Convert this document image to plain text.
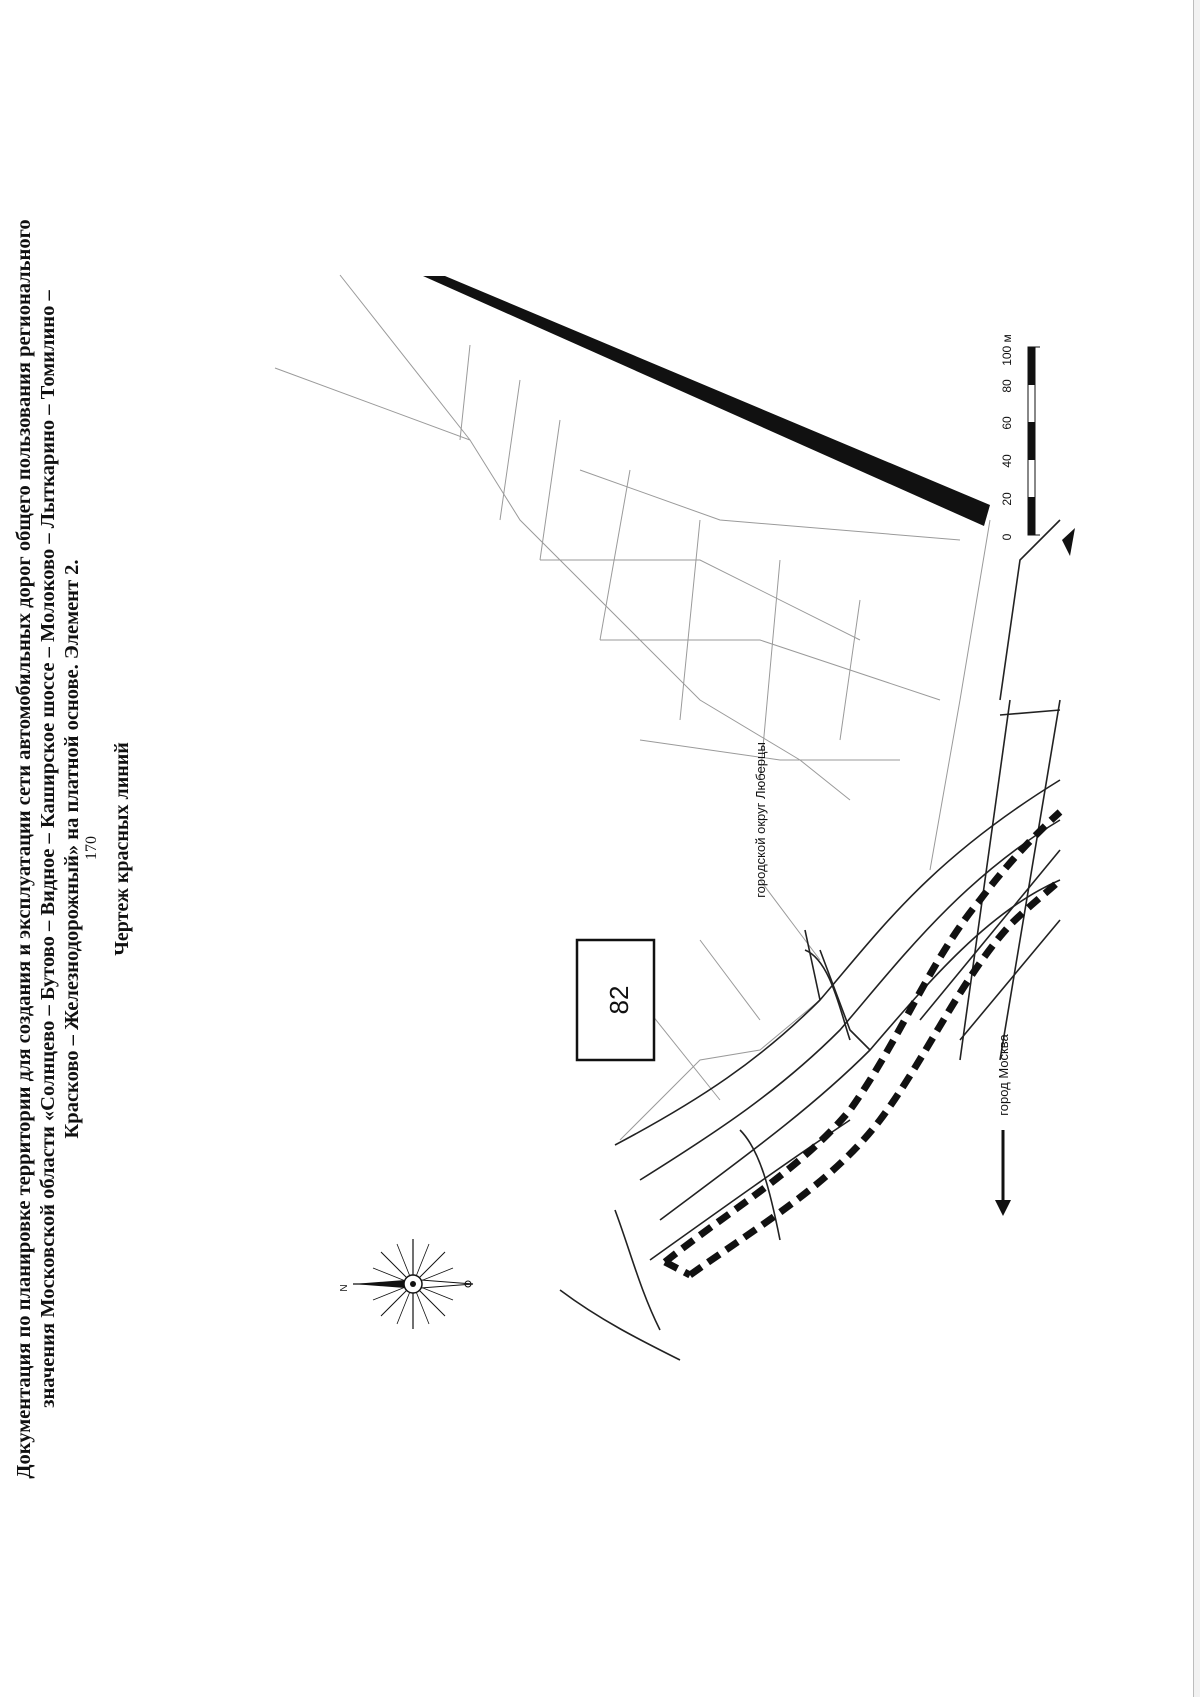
170
Документация по планировке территории для создания и эксплуатации сети автомобильных дорог общего пользования регионального значения Московской области «Солнцево – Бутово – Видное – Каширское шоссе – Молоково – Лыткарино – Томилино – Красково – Железнодорожный» на платной основе. Элемент 2. Чертеж красных линий
82
городской округ Люберцы
город Москва
N
0
20
40
60
80
100 м
